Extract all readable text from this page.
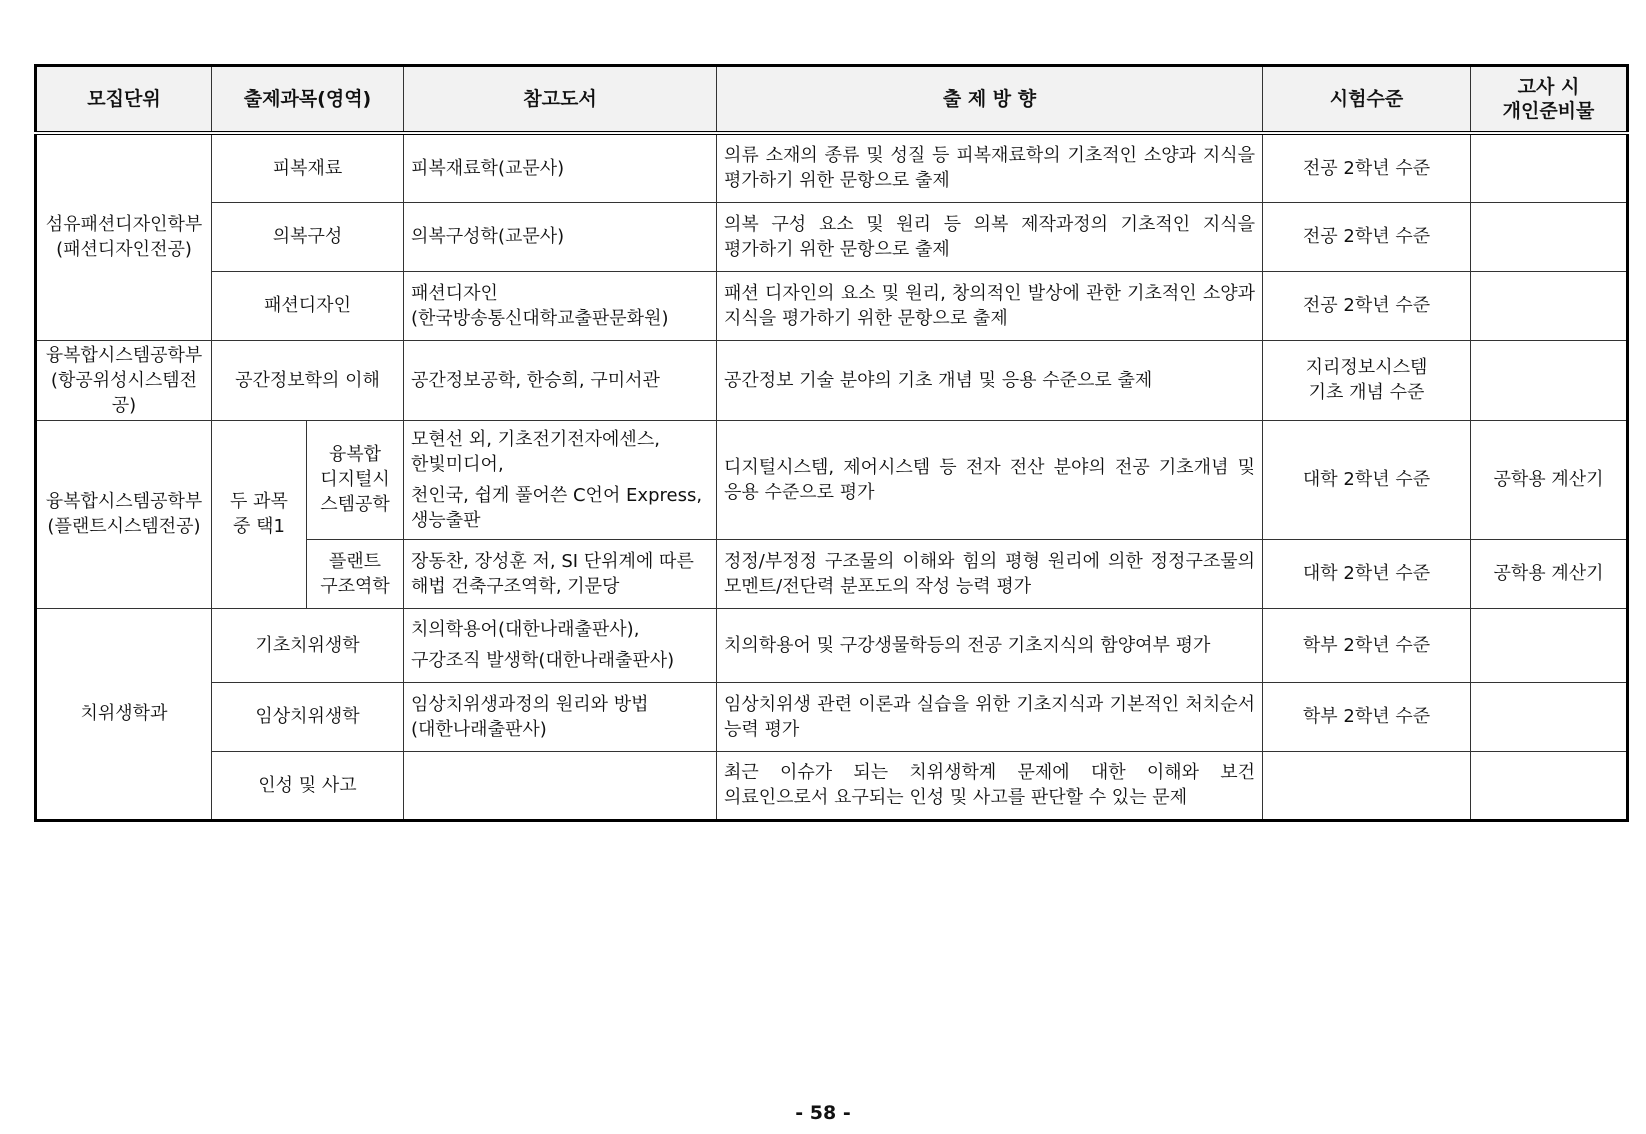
모집단위	출제과목(영역)		참고도서	출 제 방 향	시험수준	고사 시
개인준비물

섬유패션디자인학부
(패션디자인전공)	피복재료		피복재료학(교문사)	의류 소재의 종류 및 성질 등 피복재료학의 기초적인 소양과 지식을 평가하기 위한 문항으로 출제	전공 2학년 수준	
	의복구성		의복구성학(교문사)	의복 구성 요소 및 원리 등 의복 제작과정의 기초적인 지식을 평가하기 위한 문항으로 출제	전공 2학년 수준	
	패션디자인		패션디자인(한국방송통신대학교출판문화원)	패션 디자인의 요소 및 원리, 창의적인 발상에 관한 기초적인 소양과 지식을 평가하기 위한 문항으로 출제	전공 2학년 수준	

융복합시스템공학부
(항공위성시스템전공)	공간정보학의 이해		공간정보공학, 한승희, 구미서관	공간정보 기술 분야의 기초 개념 및 응용 수준으로 출제	지리정보시스템
기초 개념 수준	

융복합시스템공학부
(플랜트시스템전공)	두 과목 중 택1	융복합 디지털시스템공학	모현선 외, 기초전기전자에센스, 한빛미디어,
천인국, 쉽게 풀어쓴 C언어 Express, 생능출판	디지털시스템, 제어시스템 등 전자 전산 분야의 전공 기초개념 및 응용 수준으로 평가	대학 2학년 수준	공학용 계산기
		플랜트 구조역학	장동찬, 장성훈 저, SI 단위계에 따른 해법 건축구조역학, 기문당	정정/부정정 구조물의 이해와 힘의 평형 원리에 의한 정정구조물의 모멘트/전단력 분포도의 작성 능력 평가	대학 2학년 수준	공학용 계산기
치위생학과	기초치위생학		치의학용어(대한나래출판사),
구강조직 발생학(대한나래출판사)	치의학용어 및 구강생물학등의 전공 기초지식의 함양여부 평가	학부 2학년 수준	
	임상치위생학		임상치위생과정의 원리와 방법 (대한나래출판사)	임상치위생 관련 이론과 실습을 위한 기초지식과 기본적인 처치순서 능력 평가	학부 2학년 수준	
	인성 및 사고			최근 이슈가 되는 치위생학계 문제에 대한 이해와 보건 의료인으로서 요구되는 인성 및 사고를 판단할 수 있는 문제		
- 58 -
